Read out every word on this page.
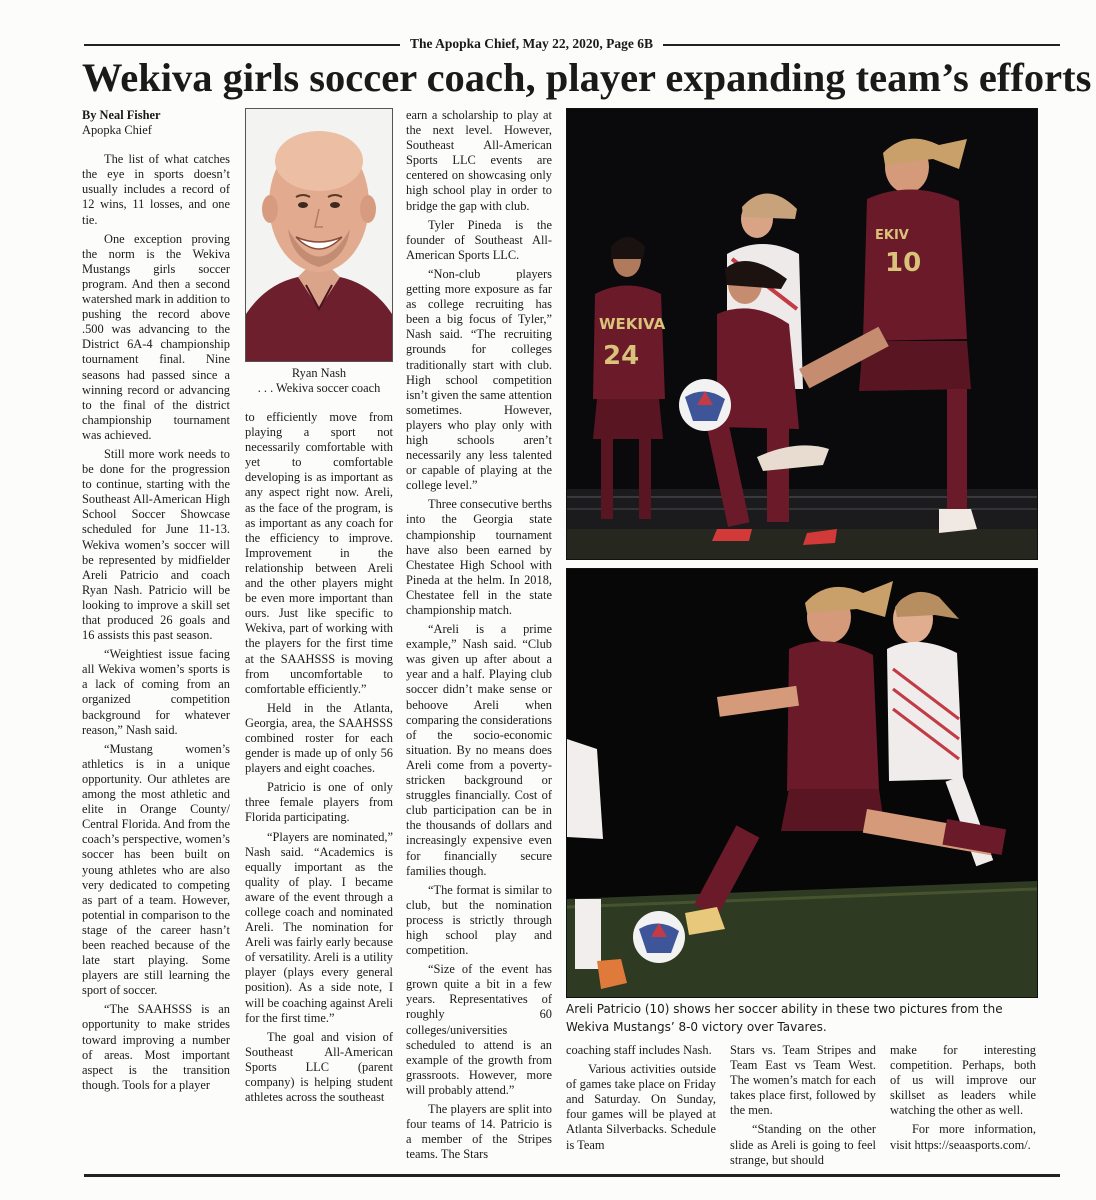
The Apopka Chief, May 22, 2020, Page 6B
Wekiva girls soccer coach, player expanding team’s efforts

By Neal Fisher

Apopka Chief

The list of what catches the eye in sports doesn’t usually includes a record of 12 wins, 11 losses, and one tie.

One exception proving the norm is the Wekiva Mustangs girls soccer program. And then a second watershed mark in addition to pushing the record above .500 was advancing to the District 6A-4 championship tournament final. Nine seasons had passed since a winning record or advancing to the final of the district championship tournament was achieved.

Still more work needs to be done for the progression to continue, starting with the Southeast All-American High School Soccer Showcase scheduled for June 11-13. Wekiva women’s soccer will be represented by midfielder Areli Patricio and coach Ryan Nash. Patricio will be looking to improve a skill set that produced 26 goals and 16 assists this past season.

“Weightiest issue facing all Wekiva women’s sports is a lack of coming from an organized competition background for whatever reason,” Nash said.

“Mustang women’s athletics is in a unique opportunity. Our athletes are among the most athletic and elite in Orange County/ Central Florida. And from the coach’s perspective, women’s soccer has been built on young athletes who are also very dedicated to competing as part of a team. However, potential in comparison to the stage of the career hasn’t been reached because of the late start playing. Some players are still learning the sport of soccer.

“The SAAHSSS is an opportunity to make strides toward improving a number of areas. Most important aspect is the transition though. Tools for a player

Ryan Nash
. . . Wekiva soccer coach

to efficiently move from playing a sport not necessarily comfortable with yet to comfortable developing is as important as any aspect right now. Areli, as the face of the program, is as important as any coach for the efficiency to improve. Improvement in the relationship between Areli and the other players might be even more important than ours. Just like specific to Wekiva, part of working with the players for the first time at the SAAHSSS is moving from uncomfortable to comfortable efficiently.”

Held in the Atlanta, Georgia, area, the SAAHSSS combined roster for each gender is made up of only 56 players and eight coaches.

Patricio is one of only three female players from Florida participating.

“Players are nominated,” Nash said. “Academics is equally important as the quality of play. I became aware of the event through a college coach and nominated Areli. The nomination for Areli was fairly early because of versatility. Areli is a utility player (plays every general position). As a side note, I will be coaching against Areli for the first time.”

The goal and vision of Southeast All-American Sports LLC (parent company) is helping student athletes across the southeast

earn a scholarship to play at the next level. However, Southeast All-American Sports LLC events are centered on showcasing only high school play in order to bridge the gap with club.

Tyler Pineda is the founder of Southeast All-American Sports LLC.

“Non-club players getting more exposure as far as college recruiting has been a big focus of Tyler,” Nash said. “The recruiting grounds for colleges traditionally start with club. High school competition isn’t given the same attention sometimes. However, players who play only with high schools aren’t necessarily any less talented or capable of playing at the college level.”

Three consecutive berths into the Georgia state championship tournament have also been earned by Chestatee High School with Pineda at the helm. In 2018, Chestatee fell in the state championship match.

“Areli is a prime example,” Nash said. “Club was given up after about a year and a half. Playing club soccer didn’t make sense or behoove Areli when comparing the considerations of the socio-economic situation. By no means does Areli come from a poverty-stricken background or struggles financially. Cost of club participation can be in the thousands of dollars and increasingly expensive even for financially secure families though.

“The format is similar to club, but the nomination process is strictly through high school play and competition.

“Size of the event has grown quite a bit in a few years. Representatives of roughly 60 colleges/universities scheduled to attend is an example of the growth from grassroots. However, more will probably attend.”

The players are split into four teams of 14. Patricio is a member of the Stripes teams. The Stars

WEKIVA
24
EKIV
10
Areli Patricio (10) shows her soccer ability in these two pictures from the Wekiva Mustangs’ 8-0 victory over Tavares.

coaching staff includes Nash.

Various activities outside of games take place on Friday and Saturday. On Sunday, four games will be played at Atlanta Silverbacks. Schedule is Team

Stars vs. Team Stripes and Team East vs Team West. The women’s match for each takes place first, followed by the men.

“Standing on the other slide as Areli is going to feel strange, but should

make for interesting competition. Perhaps, both of us will improve our skillset as leaders while watching the other as well.

For more information, visit https://seaasports.com/.
